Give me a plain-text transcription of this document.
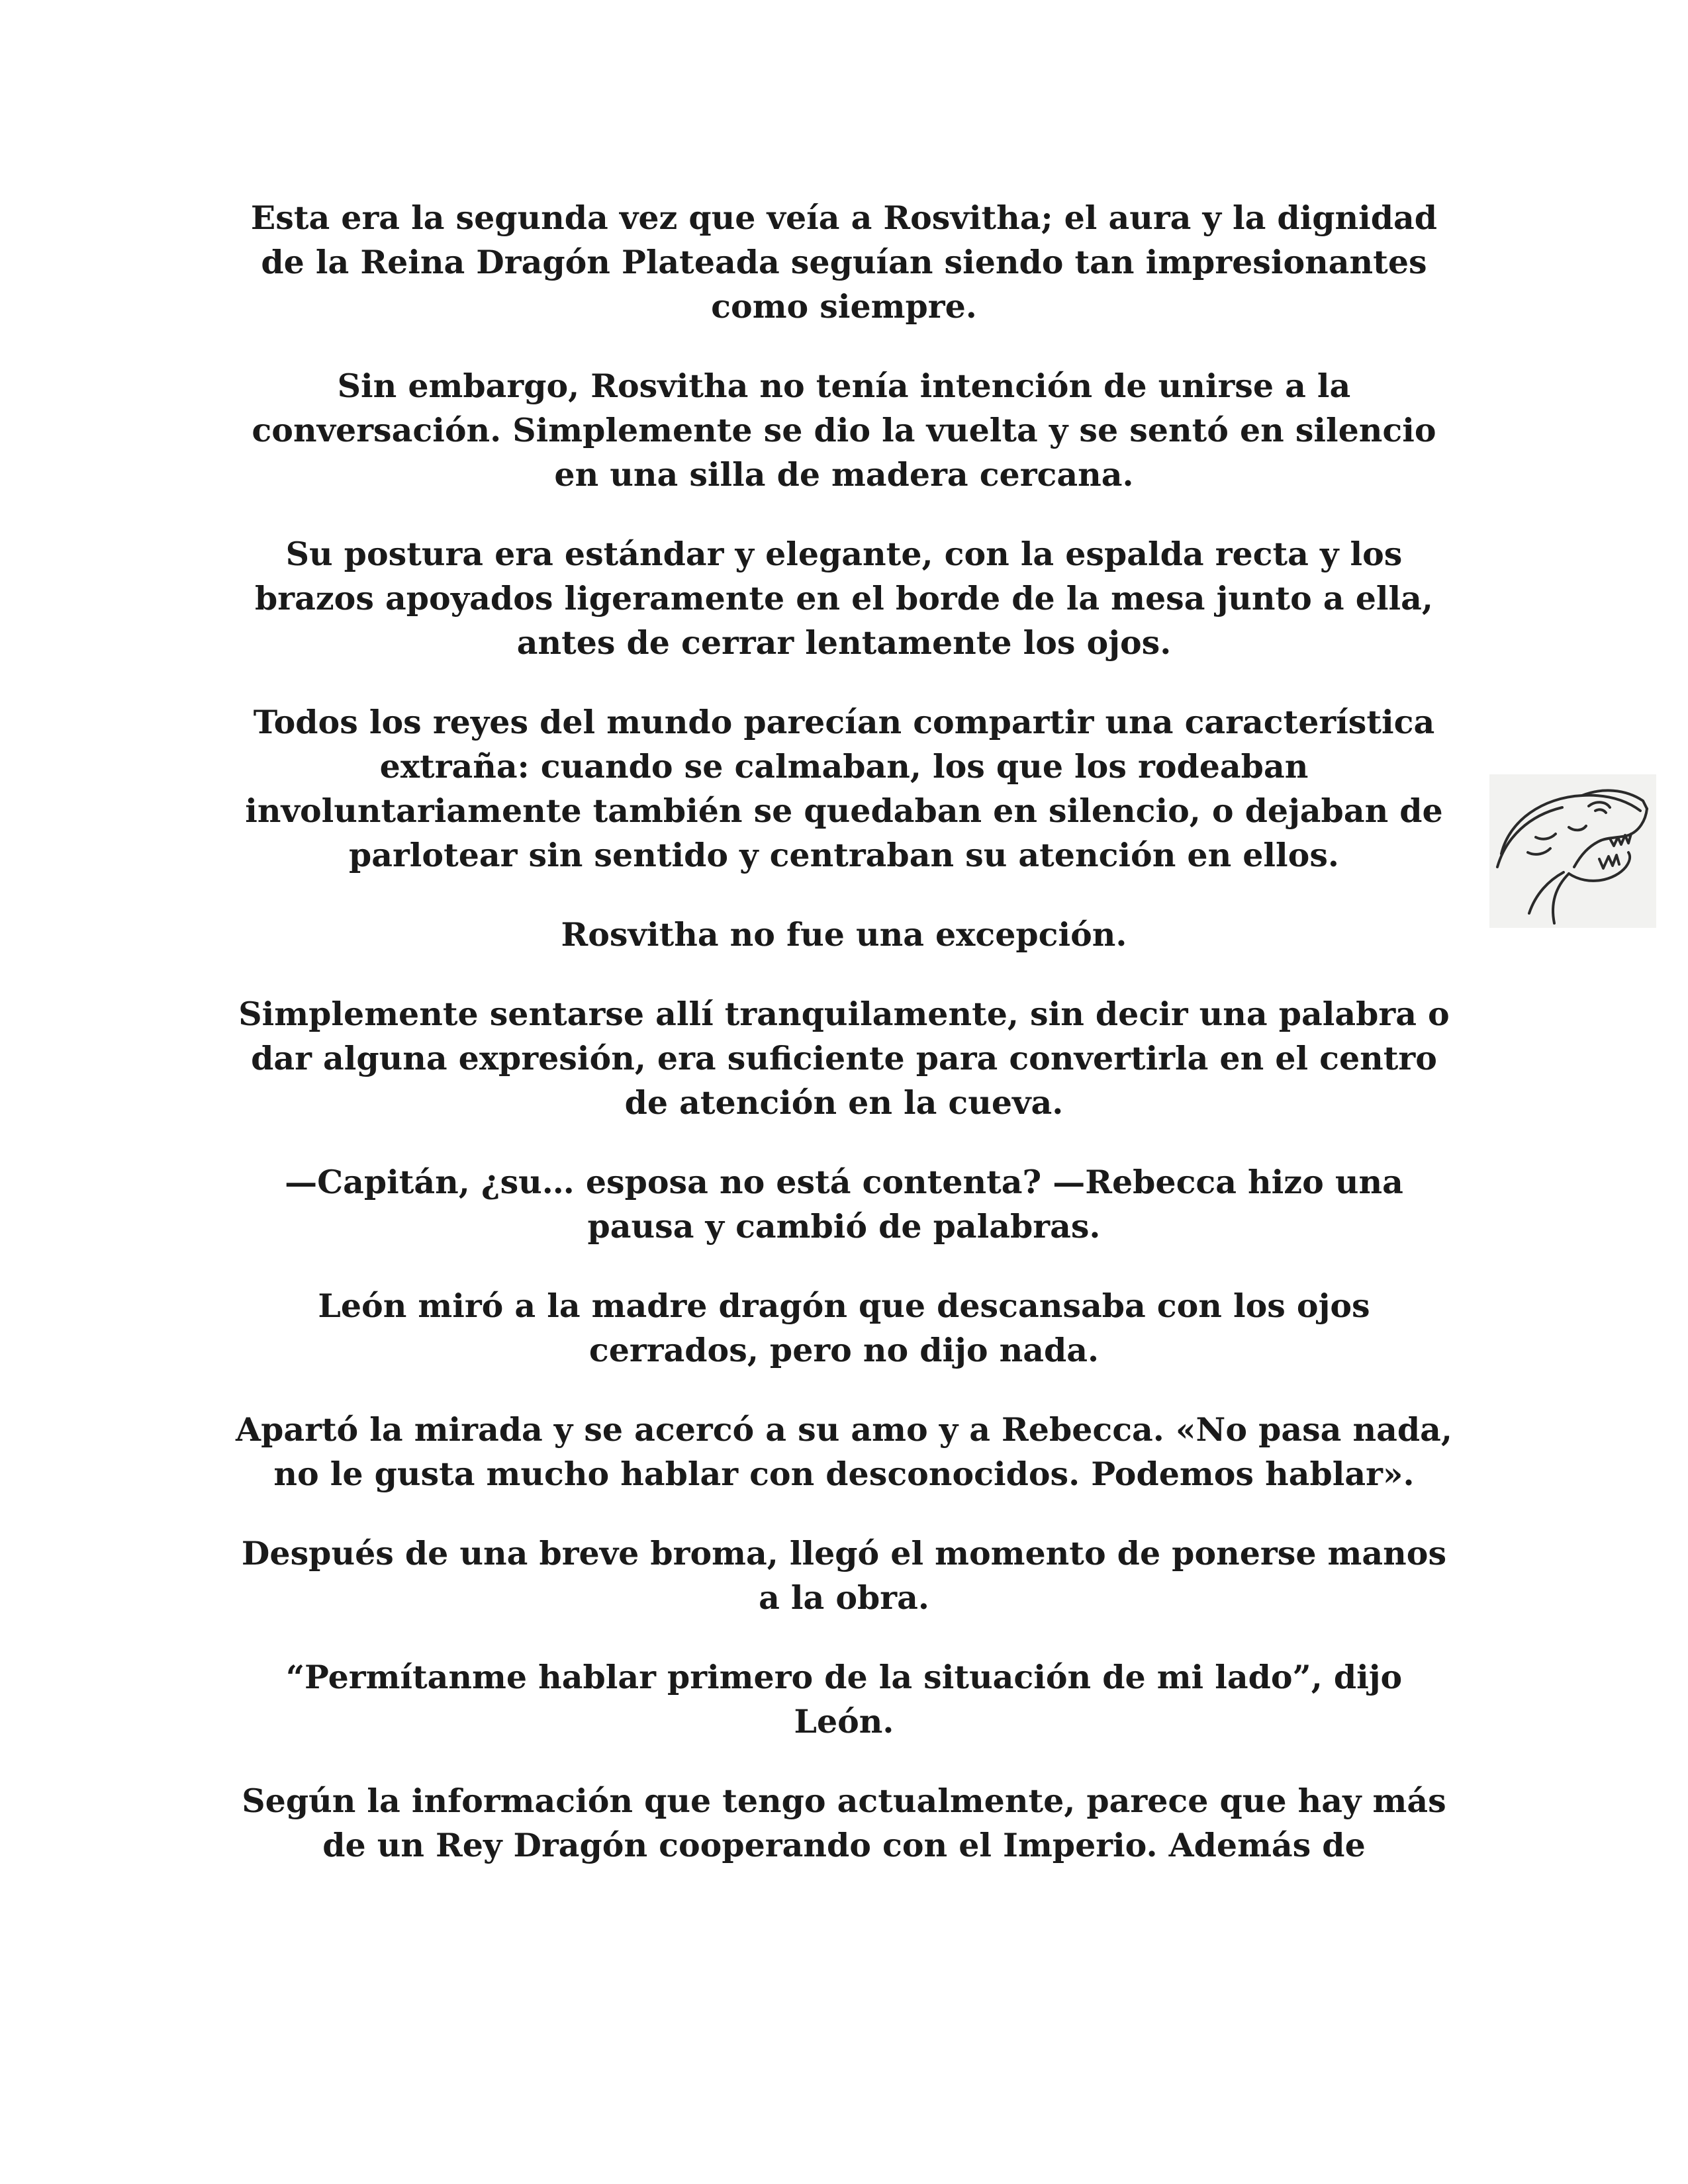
Esta era la segunda vez que veía a Rosvitha; el aura y la dignidad de la Reina Dragón Plateada seguían siendo tan impresionantes como siempre.

Sin embargo, Rosvitha no tenía intención de unirse a la conversación. Simplemente se dio la vuelta y se sentó en silencio en una silla de madera cercana.

Su postura era estándar y elegante, con la espalda recta y los brazos apoyados ligeramente en el borde de la mesa junto a ella, antes de cerrar lentamente los ojos.

Todos los reyes del mundo parecían compartir una característica extraña: cuando se calmaban, los que los rodeaban involuntariamente también se quedaban en silencio, o dejaban de parlotear sin sentido y centraban su atención en ellos.

Rosvitha no fue una excepción.

Simplemente sentarse allí tranquilamente, sin decir una palabra o dar alguna expresión, era suficiente para convertirla en el centro de atención en la cueva.

—Capitán, ¿su… esposa no está contenta? —Rebecca hizo una pausa y cambió de palabras.

León miró a la madre dragón que descansaba con los ojos cerrados, pero no dijo nada.

Apartó la mirada y se acercó a su amo y a Rebecca. «No pasa nada, no le gusta mucho hablar con desconocidos. Podemos hablar».

Después de una breve broma, llegó el momento de ponerse manos a la obra.

“Permítanme hablar primero de la situación de mi lado”, dijo León.

Según la información que tengo actualmente, parece que hay más de un Rey Dragón cooperando con el Imperio. Además de
